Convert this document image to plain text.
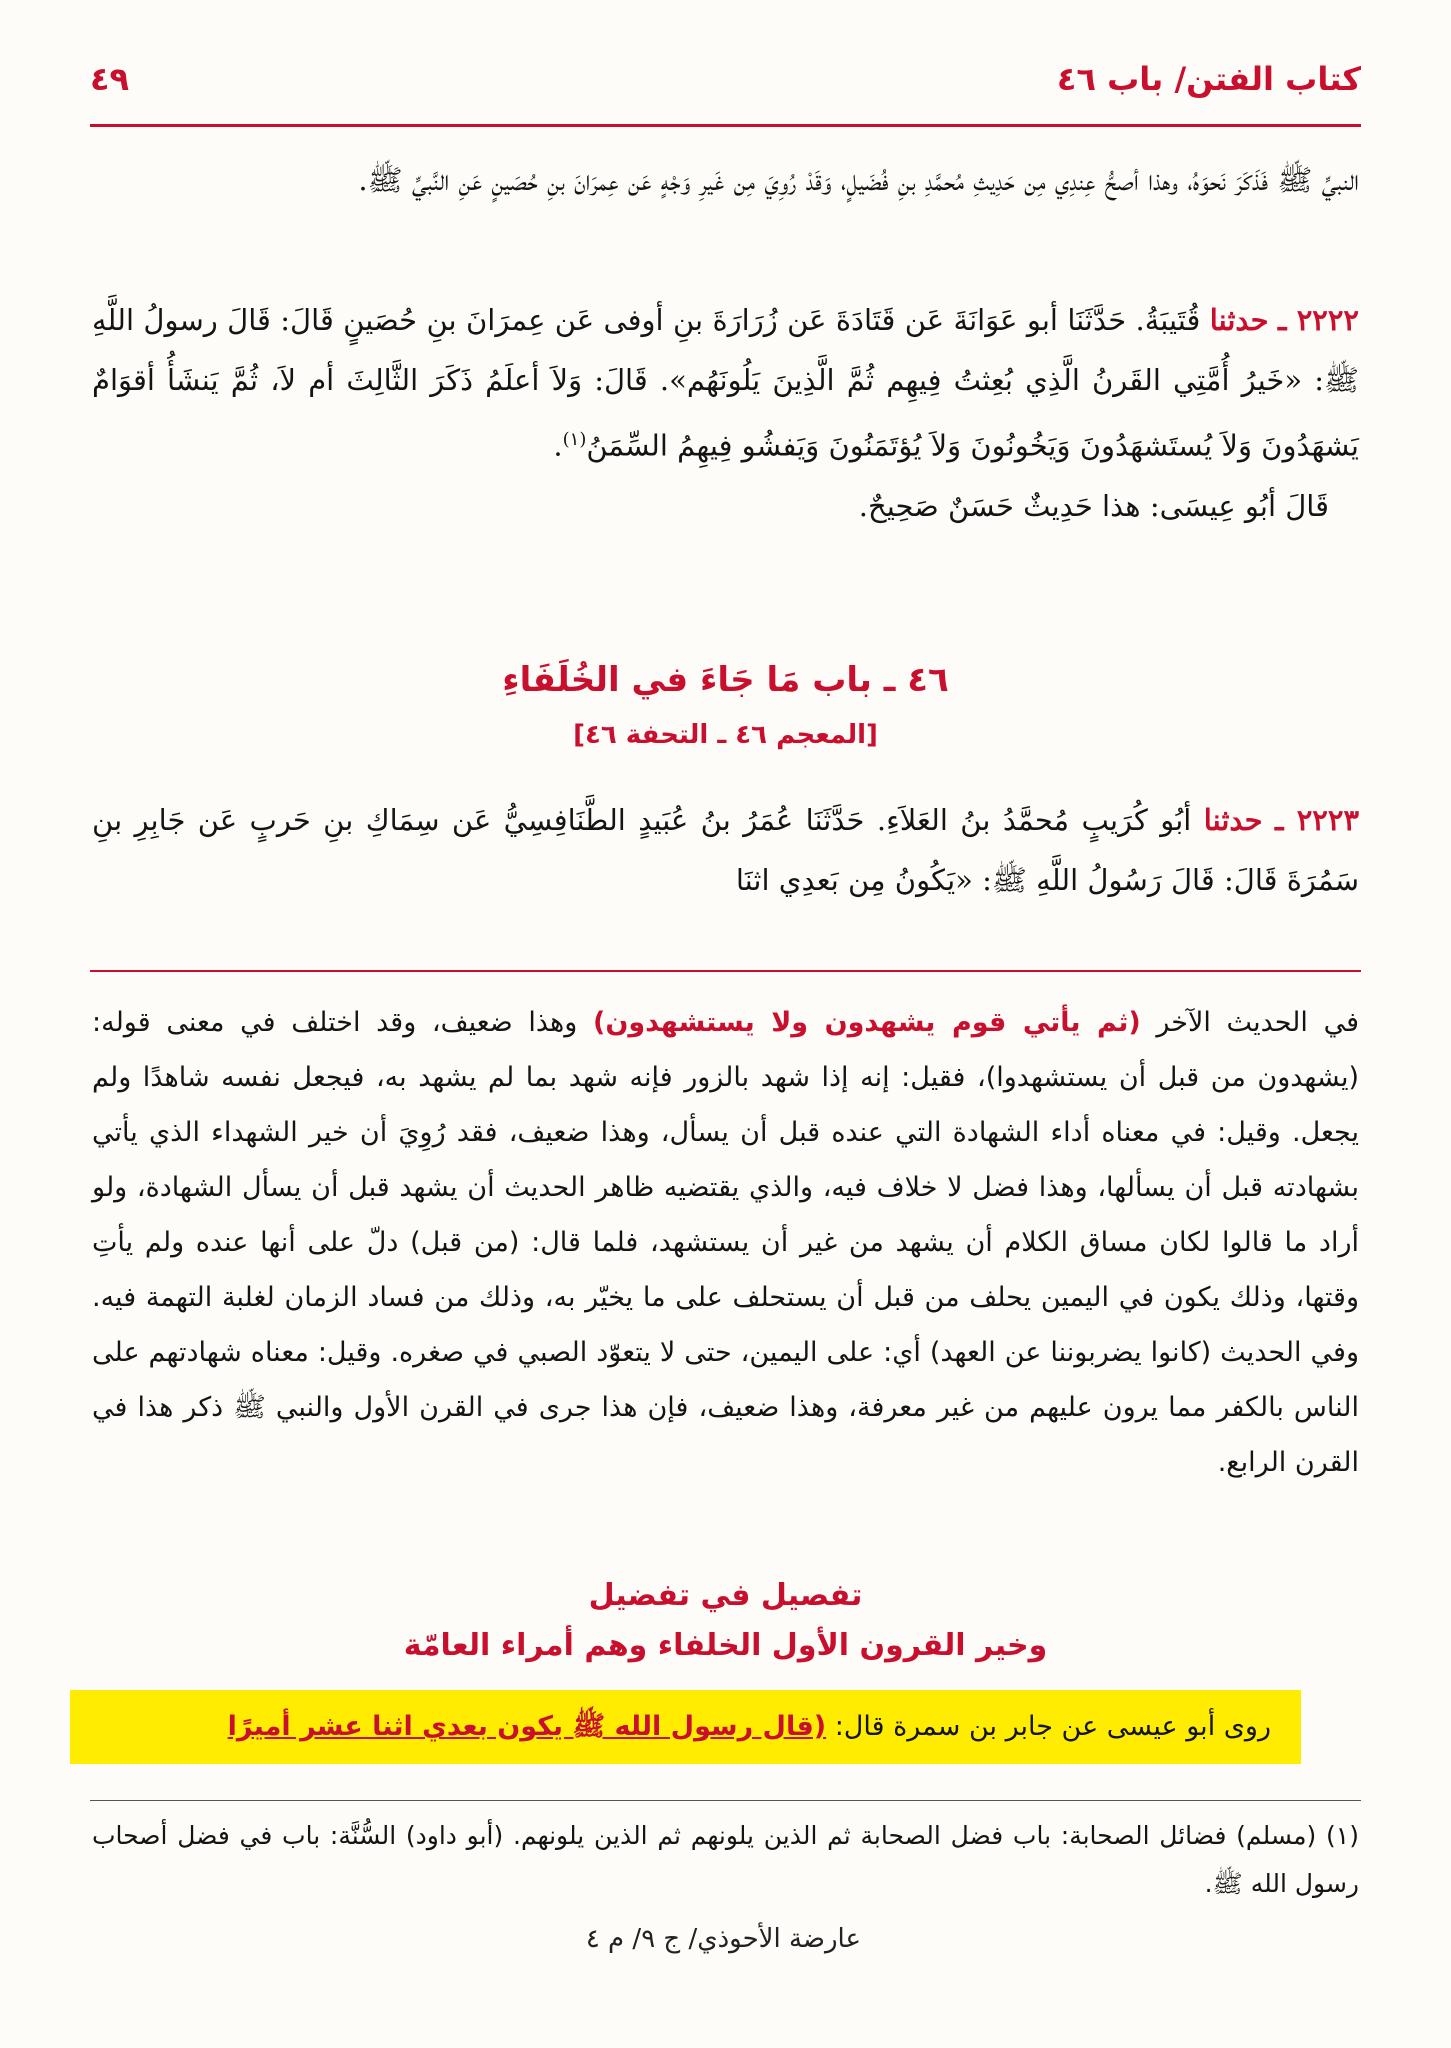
كتاب الفتن/ باب ٤٦
٤٩

النبيِّ ﷺ فَذَكَرَ نَحوَهُ، وهذا أصحُّ عِندِي مِن حَدِيثِ مُحمَّدِ بنِ فُضَيلٍ، وَقَدْ رُوِيَ مِن غَيرِ وَجْهٍ عَن عِمرَانَ بنِ حُصَينٍ عَنِ النَّبيِّ ﷺ.

٢٢٢٢ ـ حدثنا قُتَيبَةُ. حَدَّثَنَا أبو عَوَانَةَ عَن قَتَادَةَ عَن زُرَارَةَ بنِ أوفى عَن عِمرَانَ بنِ حُصَينٍ قَالَ: قَالَ رسولُ اللَّهِ ﷺ: «خَيرُ أُمَّتِي القَرنُ الَّذِي بُعِثتُ فِيهِم ثُمَّ الَّذِينَ يَلُونَهُم». قَالَ: وَلاَ أعلَمُ ذَكَرَ الثَّالِثَ أم لاَ، ثُمَّ يَنشَأُ أقوَامٌ يَشهَدُونَ وَلاَ يُستَشهَدُونَ وَيَخُونُونَ وَلاَ يُؤتَمَنُونَ وَيَفشُو فِيهِمُ السِّمَنُ$^{(١)}$.

قَالَ أبُو عِيسَى: هذا حَدِيثٌ حَسَنٌ صَحِيحٌ.

٤٦ ـ باب مَا جَاءَ في الخُلَفَاءِ
[المعجم ٤٦ ـ التحفة ٤٦]

٢٢٢٣ ـ حدثنا أبُو كُرَيبٍ مُحمَّدُ بنُ العَلاَءِ. حَدَّثَنَا عُمَرُ بنُ عُبَيدٍ الطَّنَافِسِيُّ عَن سِمَاكِ بنِ حَربٍ عَن جَابِرِ بنِ سَمُرَةَ قَالَ: قَالَ رَسُولُ اللَّهِ ﷺ: «يَكُونُ مِن بَعدِي اثنَا

في الحديث الآخر (ثم يأتي قوم يشهدون ولا يستشهدون) وهذا ضعيف، وقد اختلف في معنى قوله: (يشهدون من قبل أن يستشهدوا)، فقيل: إنه إذا شهد بالزور فإنه شهد بما لم يشهد به، فيجعل نفسه شاهدًا ولم يجعل. وقيل: في معناه أداء الشهادة التي عنده قبل أن يسأل، وهذا ضعيف، فقد رُوِيَ أن خير الشهداء الذي يأتي بشهادته قبل أن يسألها، وهذا فضل لا خلاف فيه، والذي يقتضيه ظاهر الحديث أن يشهد قبل أن يسأل الشهادة، ولو أراد ما قالوا لكان مساق الكلام أن يشهد من غير أن يستشهد، فلما قال: (من قبل) دلّ على أنها عنده ولم يأتِ وقتها، وذلك يكون في اليمين يحلف من قبل أن يستحلف على ما يخيّر به، وذلك من فساد الزمان لغلبة التهمة فيه. وفي الحديث (كانوا يضربوننا عن العهد) أي: على اليمين، حتى لا يتعوّد الصبي في صغره. وقيل: معناه شهادتهم على الناس بالكفر مما يرون عليهم من غير معرفة، وهذا ضعيف، فإن هذا جرى في القرن الأول والنبي ﷺ ذكر هذا في القرن الرابع.

تفصيل في تفضيل
وخير القرون الأول الخلفاء وهم أمراء العامّة
روى أبو عيسى عن جابر بن سمرة قال: (قال رسول الله ﷺ يكون بعدي اثنا عشر أميرًا

(١) (مسلم) فضائل الصحابة: باب فضل الصحابة ثم الذين يلونهم ثم الذين يلونهم. (أبو داود) السُّنَّة: باب في فضل أصحاب رسول الله ﷺ.

عارضة الأحوذي/ ج ٩/ م ٤
